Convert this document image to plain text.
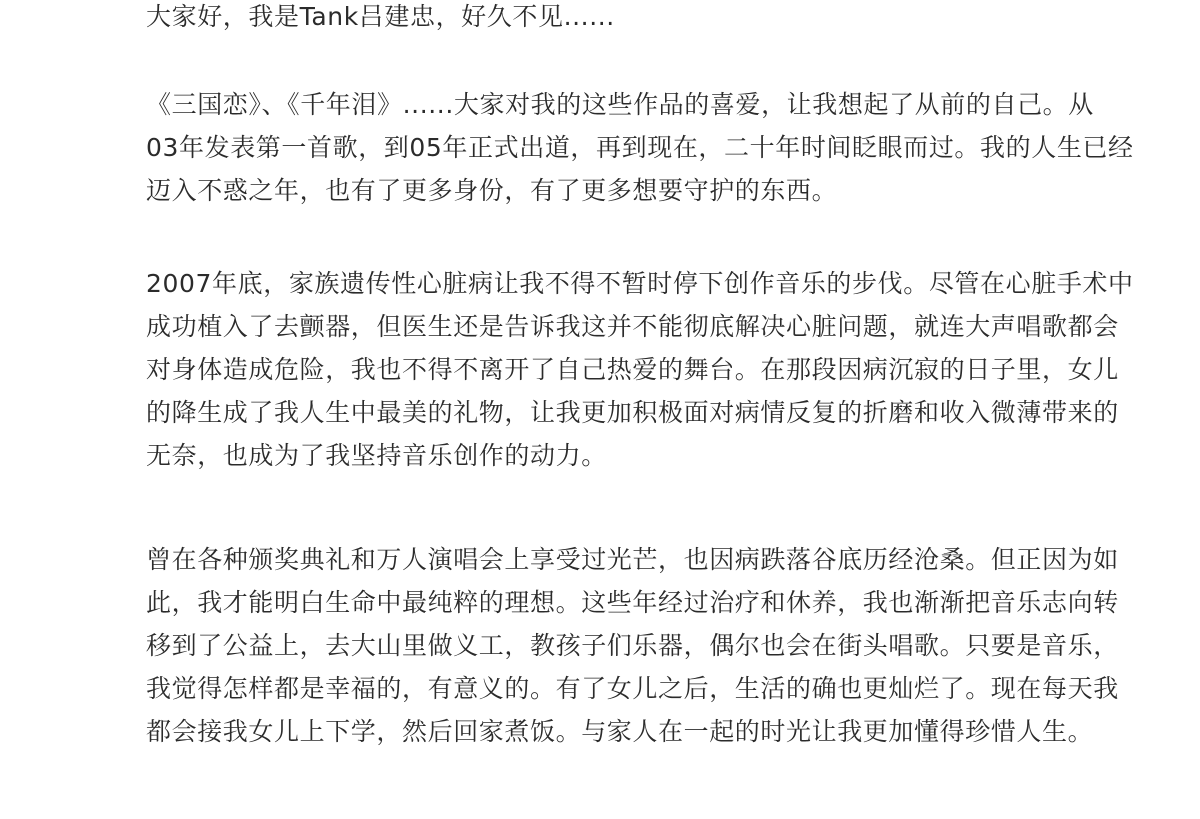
大家好，我是Tank吕建忠，好久不见......

《三国恋》、《千年泪》......大家对我的这些作品的喜爱，让我想起了从前的自己。从
03年发表第一首歌，到05年正式出道，再到现在，二十年时间眨眼而过。我的人生已经
迈入不惑之年，也有了更多身份，有了更多想要守护的东西。

2007年底，家族遗传性心脏病让我不得不暂时停下创作音乐的步伐。尽管在心脏手术中
成功植入了去颤器，但医生还是告诉我这并不能彻底解决心脏问题，就连大声唱歌都会
对身体造成危险，我也不得不离开了自己热爱的舞台。在那段因病沉寂的日子里，女儿
的降生成了我人生中最美的礼物，让我更加积极面对病情反复的折磨和收入微薄带来的
无奈，也成为了我坚持音乐创作的动力。

曾在各种颁奖典礼和万人演唱会上享受过光芒，也因病跌落谷底历经沧桑。但正因为如
此，我才能明白生命中最纯粹的理想。这些年经过治疗和休养，我也渐渐把音乐志向转
移到了公益上，去大山里做义工，教孩子们乐器，偶尔也会在街头唱歌。只要是音乐，
我觉得怎样都是幸福的，有意义的。有了女儿之后，生活的确也更灿烂了。现在每天我
都会接我女儿上下学，然后回家煮饭。与家人在一起的时光让我更加懂得珍惜人生。
